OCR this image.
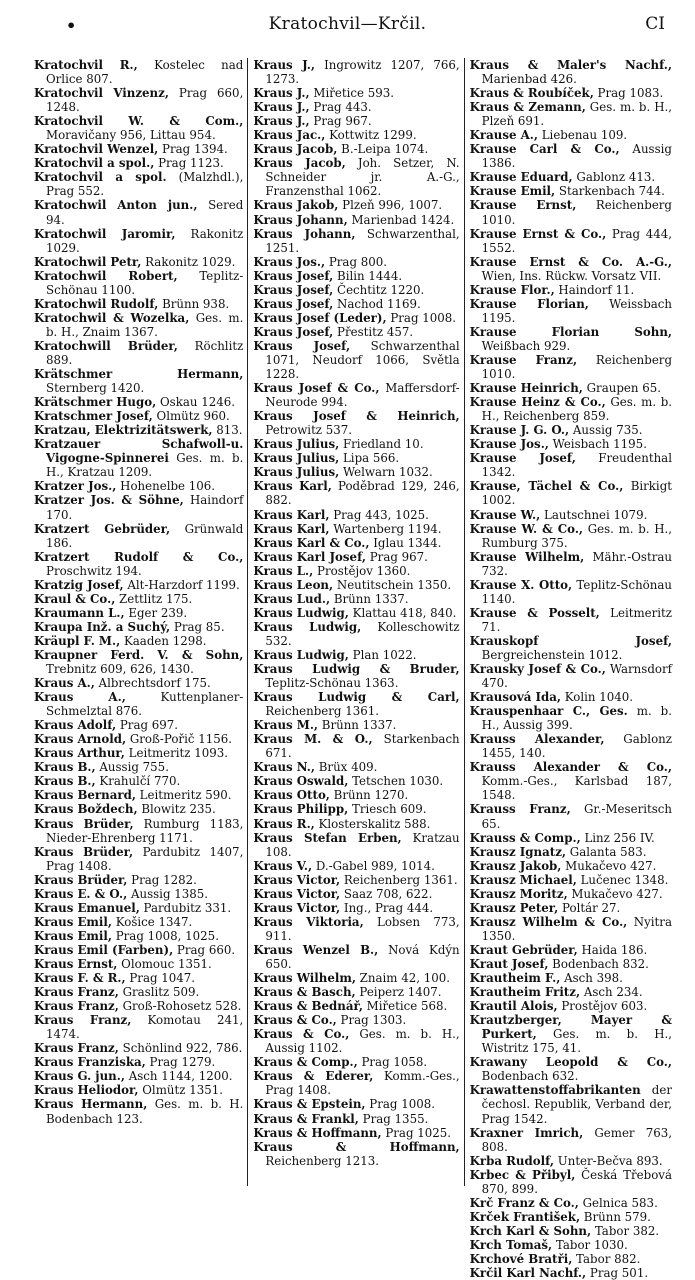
•	Kratochvil—Krčil.	CI
Kratochvil R., Kostelec nad Orlice 807.
Kratochvil Vinzenz, Prag 660, 1248.
Kratochvil W. & Com., Moravičany 956, Littau 954.
Kratochvil Wenzel, Prag 1394.
Kratochvil a spol., Prag 1123.
Kratochvil a spol. (Malzhdl.), Prag 552.
Kratochwil Anton jun., Sered 94.
Kratochwil Jaromir, Rakonitz 1029.
Kratochwil Petr, Rakonitz 1029.
Kratochwil Robert, Teplitz-Schönau 1100.
Kratochwil Rudolf, Brünn 938.
Kratochwil & Wozelka, Ges. m. b. H., Znaim 1367.
Kratochwill Brüder, Röchlitz 889.
Krätschmer Hermann, Sternberg 1420.
Krätschmer Hugo, Oskau 1246.
Kratschmer Josef, Olmütz 960.
Kratzau, Elektrizitätswerk, 813.
Kratzauer Schafwoll-u. Vigogne-Spinnerei Ges. m. b. H., Kratzau 1209.
Kratzer Jos., Hohenelbe 106.
Kratzer Jos. & Söhne, Haindorf 170.
Kratzert Gebrüder, Grünwald 186.
Kratzert Rudolf & Co., Proschwitz 194.
Kratzig Josef, Alt-Harzdorf 1199.
Kraul & Co., Zettlitz 175.
Kraumann L., Eger 239.
Kraupa Inž. a Suchý, Prag 85.
Kräupl F. M., Kaaden 1298.
Kraupner Ferd. V. & Sohn, Trebnitz 609, 626, 1430.
Kraus A., Albrechtsdorf 175.
Kraus A., Kuttenplaner-Schmelztal 876.
Kraus Adolf, Prag 697.
Kraus Arnold, Groß-Pořič 1156.
Kraus Arthur, Leitmeritz 1093.
Kraus B., Aussig 755.
Kraus B., Krahulčí 770.
Kraus Bernard, Leitmeritz 590.
Kraus Boždech, Blowitz 235.
Kraus Brüder, Rumburg 1183, Nieder-Ehrenberg 1171.
Kraus Brüder, Pardubitz 1407, Prag 1408.
Kraus Brüder, Prag 1282.
Kraus E. & O., Aussig 1385.
Kraus Emanuel, Pardubitz 331.
Kraus Emil, Košice 1347.
Kraus Emil, Prag 1008, 1025.
Kraus Emil (Farben), Prag 660.
Kraus Ernst, Olomouc 1351.
Kraus F. & R., Prag 1047.
Kraus Franz, Graslitz 509.
Kraus Franz, Groß-Rohosetz 528.
Kraus Franz, Komotau 241, 1474.
Kraus Franz, Schönlind 922, 786.
Kraus Franziska, Prag 1279.
Kraus G. jun., Asch 1144, 1200.
Kraus Heliodor, Olmütz 1351.
Kraus Hermann, Ges. m. b. H. Bodenbach 123.
Kraus J., Ingrowitz 1207, 766, 1273.
Kraus J., Miřetice 593.
Kraus J., Prag 443.
Kraus J., Prag 967.
Kraus Jac., Kottwitz 1299.
Kraus Jacob, B.-Leipa 1074.
Kraus Jacob, Joh. Setzer, N. Schneider jr. A.-G., Franzensthal 1062.
Kraus Jakob, Plzeň 996, 1007.
Kraus Johann, Marienbad 1424.
Kraus Johann, Schwarzenthal, 1251.
Kraus Jos., Prag 800.
Kraus Josef, Bilin 1444.
Kraus Josef, Čechtitz 1220.
Kraus Josef, Nachod 1169.
Kraus Josef (Leder), Prag 1008.
Kraus Josef, Přestitz 457.
Kraus Josef, Schwarzenthal 1071, Neudorf 1066, Světla 1228.
Kraus Josef & Co., Maffersdorf-Neurode 994.
Kraus Josef & Heinrich, Petrowitz 537.
Kraus Julius, Friedland 10.
Kraus Julius, Lipa 566.
Kraus Julius, Welwarn 1032.
Kraus Karl, Poděbrad 129, 246, 882.
Kraus Karl, Prag 443, 1025.
Kraus Karl, Wartenberg 1194.
Kraus Karl & Co., Iglau 1344.
Kraus Karl Josef, Prag 967.
Kraus L., Prostějov 1360.
Kraus Leon, Neutitschein 1350.
Kraus Lud., Brünn 1337.
Kraus Ludwig, Klattau 418, 840.
Kraus Ludwig, Kolleschowitz 532.
Kraus Ludwig, Plan 1022.
Kraus Ludwig & Bruder, Teplitz-Schönau 1363.
Kraus Ludwig & Carl, Reichenberg 1361.
Kraus M., Brünn 1337.
Kraus M. & O., Starkenbach 671.
Kraus N., Brüx 409.
Kraus Oswald, Tetschen 1030.
Kraus Otto, Brünn 1270.
Kraus Philipp, Triesch 609.
Kraus R., Klosterskalitz 588.
Kraus Stefan Erben, Kratzau 108.
Kraus V., D.-Gabel 989, 1014.
Kraus Victor, Reichenberg 1361.
Kraus Victor, Saaz 708, 622.
Kraus Victor, Ing., Prag 444.
Kraus Viktoria, Lobsen 773, 911.
Kraus Wenzel B., Nová Kdýn 650.
Kraus Wilhelm, Znaim 42, 100.
Kraus & Basch, Peiperz 1407.
Kraus & Bednář, Miřetice 568.
Kraus & Co., Prag 1303.
Kraus & Co., Ges. m. b. H., Aussig 1102.
Kraus & Comp., Prag 1058.
Kraus & Ederer, Komm.-Ges., Prag 1408.
Kraus & Epstein, Prag 1008.
Kraus & Frankl, Prag 1355.
Kraus & Hoffmann, Prag 1025.
Kraus & Hoffmann, Reichenberg 1213.
Kraus & Maler's Nachf., Marienbad 426.
Kraus & Roubíček, Prag 1083.
Kraus & Zemann, Ges. m. b. H., Plzeň 691.
Krause A., Liebenau 109.
Krause Carl & Co., Aussig 1386.
Krause Eduard, Gablonz 413.
Krause Emil, Starkenbach 744.
Krause Ernst, Reichenberg 1010.
Krause Ernst & Co., Prag 444, 1552.
Krause Ernst & Co. A.-G., Wien, Ins. Rückw. Vorsatz VII.
Krause Flor., Haindorf 11.
Krause Florian, Weissbach 1195.
Krause Florian Sohn, Weißbach 929.
Krause Franz, Reichenberg 1010.
Krause Heinrich, Graupen 65.
Krause Heinz & Co., Ges. m. b. H., Reichenberg 859.
Krause J. G. O., Aussig 735.
Krause Jos., Weisbach 1195.
Krause Josef, Freudenthal 1342.
Krause, Tächel & Co., Birkigt 1002.
Krause W., Lautschnei 1079.
Krause W. & Co., Ges. m. b. H., Rumburg 375.
Krause Wilhelm, Mähr.-Ostrau 732.
Krause X. Otto, Teplitz-Schönau 1140.
Krause & Posselt, Leitmeritz 71.
Krauskopf Josef, Bergreichenstein 1012.
Krausky Josef & Co., Warnsdorf 470.
Krausová Ida, Kolin 1040.
Krauspenhaar C., Ges. m. b. H., Aussig 399.
Krauss Alexander, Gablonz 1455, 140.
Krauss Alexander & Co., Komm.-Ges., Karlsbad 187, 1548.
Krauss Franz, Gr.-Meseritsch 65.
Krauss & Comp., Linz 256 IV.
Krausz Ignatz, Galanta 583.
Krausz Jakob, Mukačevo 427.
Krausz Michael, Lučenec 1348.
Krausz Moritz, Mukačevo 427.
Krausz Peter, Poltár 27.
Krausz Wilhelm & Co., Nyitra 1350.
Kraut Gebrüder, Haida 186.
Kraut Josef, Bodenbach 832.
Krautheim F., Asch 398.
Krautheim Fritz, Asch 234.
Krautil Alois, Prostějov 603.
Krautzberger, Mayer & Purkert, Ges. m. b. H., Wistritz 175, 41.
Krawany Leopold & Co., Bodenbach 632.
Krawattenstoffabrikanten der čechosl. Republik, Verband der, Prag 1542.
Kraxner Imrich, Gemer 763, 808.
Krba Rudolf, Unter-Bečva 893.
Krbec & Přibyl, Česká Třebová 870, 899.
Krč Franz & Co., Gelnica 583.
Krček František, Brünn 579.
Krch Karl & Sohn, Tabor 382.
Krch Tomaš, Tabor 1030.
Krchové Bratři, Tabor 882.
Krčil Karl Nachf., Prag 501.
